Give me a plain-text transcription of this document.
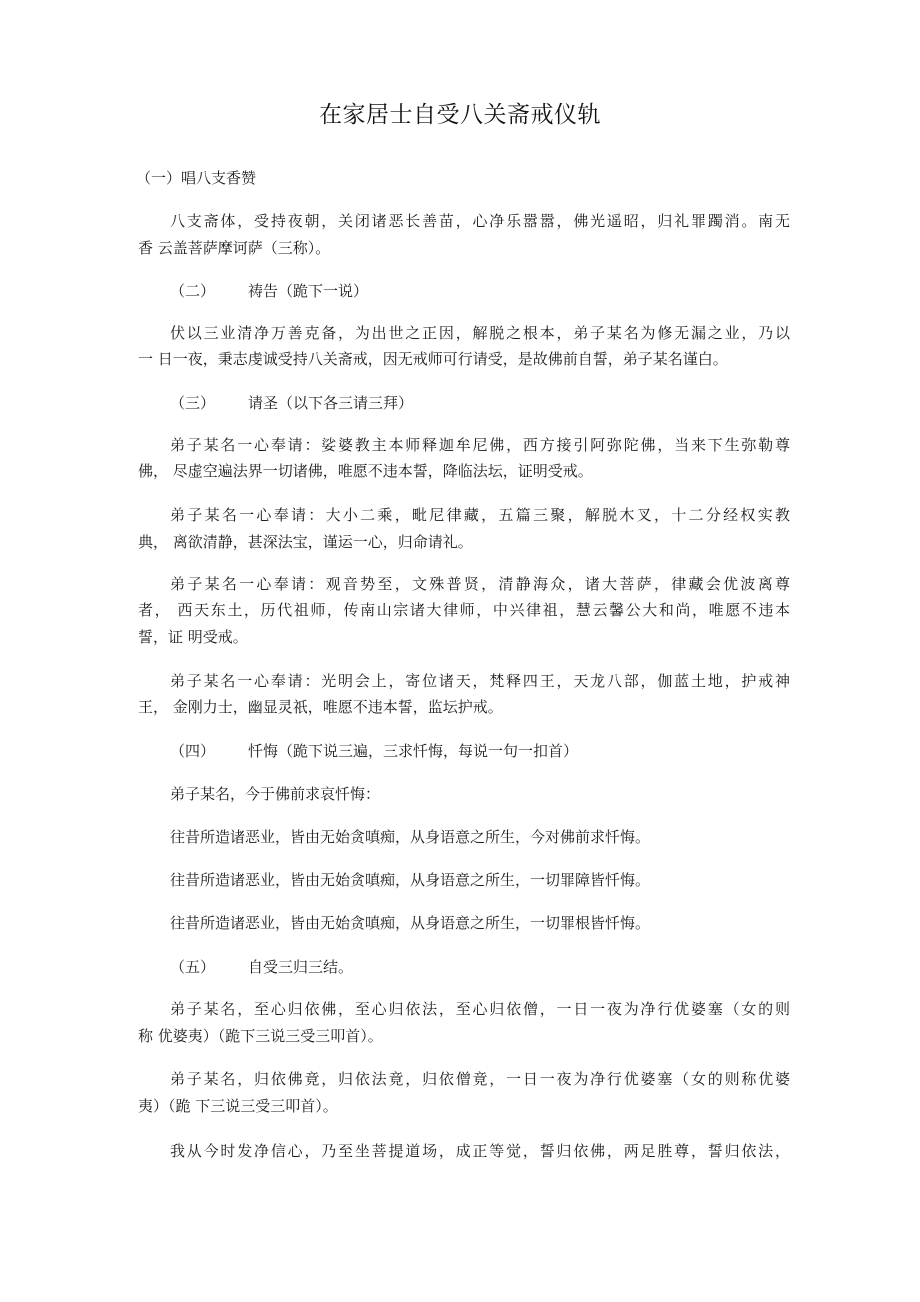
在家居士自受八关斋戒仪轨
（一）唱八支香赞
八支斋体，受持夜朝，关闭诸恶长善苗，心净乐嚣嚣，佛光遥昭，归礼罪躅消。南无
香 云盖菩萨摩诃萨（三称）。
（二） 祷告（跪下一说）
伏以三业清净万善克备，为出世之正因，解脱之根本，弟子某名为修无漏之业，乃以
一 日一夜，秉志虔诚受持八关斋戒，因无戒师可行请受，是故佛前自誓，弟子某名谨白。
（三） 请圣（以下各三请三拜）
弟子某名一心奉请：娑婆教主本师释迦牟尼佛，西方接引阿弥陀佛，当来下生弥勒尊
佛， 尽虚空遍法界一切诸佛，唯愿不违本誓，降临法坛，证明受戒。
弟子某名一心奉请：大小二乘，毗尼律藏，五篇三聚，解脱木叉，十二分经权实教
典， 离欲清静，甚深法宝，谨运一心，归命请礼。
弟子某名一心奉请：观音势至，文殊普贤，清静海众，诸大菩萨，律藏会优波离尊
者， 西天东土，历代祖师，传南山宗诸大律师，中兴律祖，慧云馨公大和尚，唯愿不违本
誓，证 明受戒。
弟子某名一心奉请：光明会上，寄位诸天，梵释四王，天龙八部，伽蓝土地，护戒神
王， 金刚力士，幽显灵祇，唯愿不违本誓，监坛护戒。
（四） 忏悔（跪下说三遍，三求忏悔，每说一句一扣首）
弟子某名，今于佛前求哀忏悔：
往昔所造诸恶业，皆由无始贪嗔痴，从身语意之所生，今对佛前求忏悔。
往昔所造诸恶业，皆由无始贪嗔痴，从身语意之所生，一切罪障皆忏悔。
往昔所造诸恶业，皆由无始贪嗔痴，从身语意之所生，一切罪根皆忏悔。
（五） 自受三归三结。
弟子某名，至心归依佛，至心归依法，至心归依僧，一日一夜为净行优婆塞（女的则
称 优婆夷）（跪下三说三受三叩首）。
弟子某名，归依佛竟，归依法竟，归依僧竟，一日一夜为净行优婆塞（女的则称优婆
夷）（跪 下三说三受三叩首）。
我从今时发净信心，乃至坐菩提道场，成正等觉，誓归依佛，两足胜尊，誓归依法，
